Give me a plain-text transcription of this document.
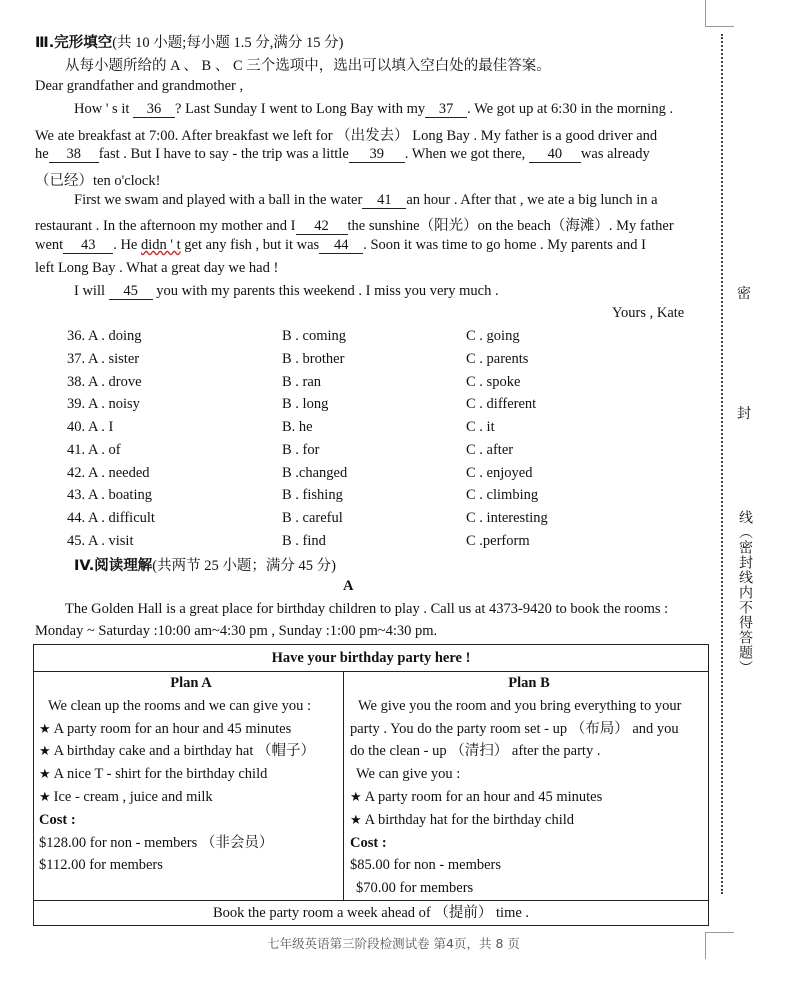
密
封
线（密封线内不得答题）
Ⅲ.完形填空(共 10 小题;每小题 1.5 分,满分 15 分)
从每小题所给的 A 、 B 、 C 三个选项中，选出可以填入空白处的最佳答案。
Dear grandfather and grandmother ,
How ' s it 36 ? Last Sunday I went to Long Bay with my 37 . We got up at 6:30 in the morning .
We ate breakfast at 7:00. After breakfast we left for （出发去） Long Bay . My father is a good driver and
he 38 fast . But I have to say - the trip was a little 39 . When we got there, 40 was already
（已经）ten o'clock!
First we swam and played with a ball in the water 41 an hour . After that , we ate a big lunch in a
restaurant . In the afternoon my mother and I 42 the sunshine（阳光）on the beach（海滩）. My father
went 43 . He didn ' t get any fish , but it was 44 . Soon it was time to go home . My parents and I
left Long Bay . What a great day we had !
I will 45 you with my parents this weekend . I miss you very much .
Yours , Kate
36. A . doing	B . coming	C . going
37. A . sister	B . brother	C . parents
38. A . drove	B . ran	C . spoke
39. A . noisy	B . long	C . different
40. A . I	B. he	C . it
41. A . of	B . for	C . after
42. A . needed	B .changed	C . enjoyed
43. A . boating	B . fishing	C . climbing
44. A . difficult	B . careful	C . interesting
45. A . visit	B . find	C .perform
IV.阅读理解(共两节 25 小题；满分 45 分)
A
The Golden Hall is a great place for birthday children to play . Call us at 4373-9420 to book the rooms :
Monday ~ Saturday :10:00 am~4:30 pm , Sunday :1:00 pm~4:30 pm.
Have your birthday party here !

Plan A
We clean up the rooms and we can give you :
★ A party room for an hour and 45 minutes
★ A birthday cake and a birthday hat （帽子）
★ A nice T - shirt for the birthday child
★ Ice - cream , juice and milk
Cost :
$128.00 for non - members （非会员）
$112.00 for members

Plan B
We give you the room and you bring everything to your
party . You do the party room set - up （布局） and you
do the clean - up （清扫） after the party .
We can give you :
★ A party room for an hour and 45 minutes
★ A birthday hat for the birthday child
Cost :
$85.00 for non - members
$70.00 for members

Book the party room a week ahead of （提前） time .
七年级英语第三阶段检测试卷 第4页，共 8 页
